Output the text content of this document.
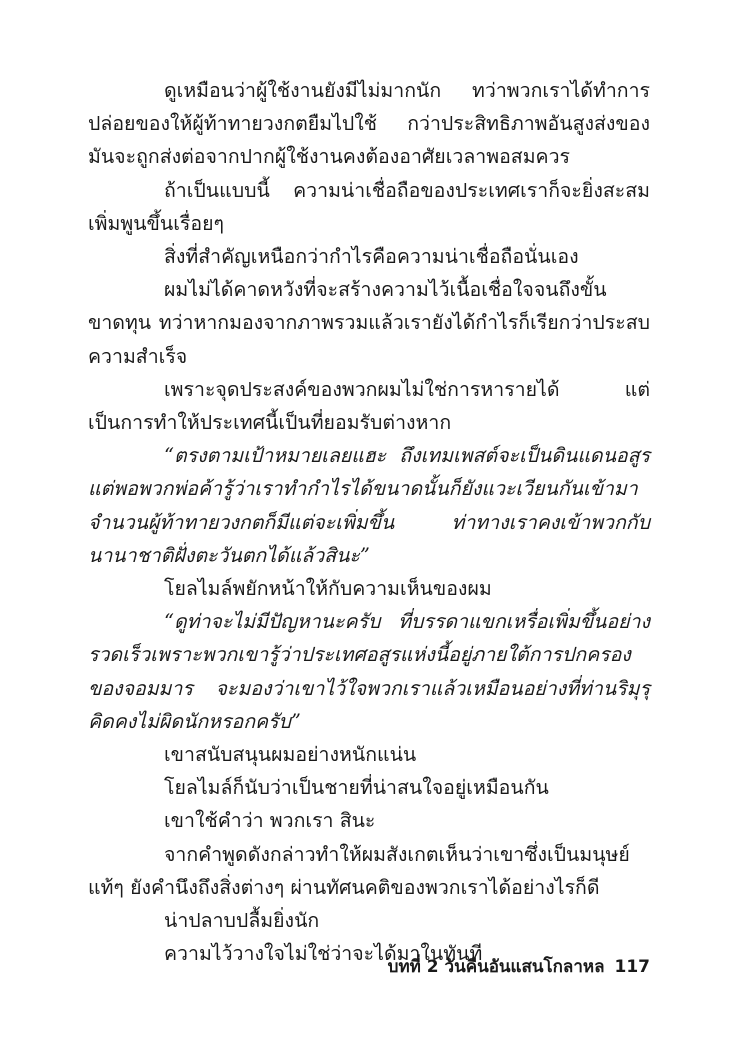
ดูเหมือนว่าผู้ใช้งานยังมีไม่มากนัก ทว่าพวกเราได้ทำการปล่อยของให้ผู้ท้าทายวงกตยืมไปใช้ กว่าประสิทธิภาพอันสูงส่งของมันจะถูกส่งต่อจากปากผู้ใช้งานคงต้องอาศัยเวลาพอสมควร

ถ้าเป็นแบบนี้ ความน่าเชื่อถือของประเทศเราก็จะยิ่งสะสมเพิ่มพูนขึ้นเรื่อยๆ

สิ่งที่สำคัญเหนือกว่ากำไรคือความน่าเชื่อถือนั่นเอง

ผมไม่ได้คาดหวังที่จะสร้างความไว้เนื้อเชื่อใจจนถึงขั้นขาดทุน ทว่าหากมองจากภาพรวมแล้วเรายังได้กำไรก็เรียกว่าประสบความสำเร็จ

เพราะจุดประสงค์ของพวกผมไม่ใช่การหารายได้ แต่เป็นการทำให้ประเทศนี้เป็นที่ยอมรับต่างหาก

“ตรงตามเป้าหมายเลยแฮะ ถึงเทมเพสต์จะเป็นดินแดนอสูร แต่พอพวกพ่อค้ารู้ว่าเราทำกำไรได้ขนาดนั้นก็ยังแวะเวียนกันเข้ามา จำนวนผู้ท้าทายวงกตก็มีแต่จะเพิ่มขึ้น ท่าทางเราคงเข้าพวกกับนานาชาติฝั่งตะวันตกได้แล้วสินะ”

โยลไมล์พยักหน้าให้กับความเห็นของผม

“ดูท่าจะไม่มีปัญหานะครับ ที่บรรดาแขกเหรื่อเพิ่มขึ้นอย่างรวดเร็วเพราะพวกเขารู้ว่าประเทศอสูรแห่งนี้อยู่ภายใต้การปกครองของจอมมาร จะมองว่าเขาไว้ใจพวกเราแล้วเหมือนอย่างที่ท่านริมุรุคิดคงไม่ผิดนักหรอกครับ”

เขาสนับสนุนผมอย่างหนักแน่น

โยลไมล์ก็นับว่าเป็นชายที่น่าสนใจอยู่เหมือนกัน

เขาใช้คำว่า พวกเรา สินะ

จากคำพูดดังกล่าวทำให้ผมสังเกตเห็นว่าเขาซึ่งเป็นมนุษย์แท้ๆ ยังคำนึงถึงสิ่งต่างๆ ผ่านทัศนคติของพวกเราได้อย่างไรก็ดี

น่าปลาบปลื้มยิ่งนัก

ความไว้วางใจไม่ใช่ว่าจะได้มาในทันที

บทที่ 2 วันคืนอันแสนโกลาหล 117
